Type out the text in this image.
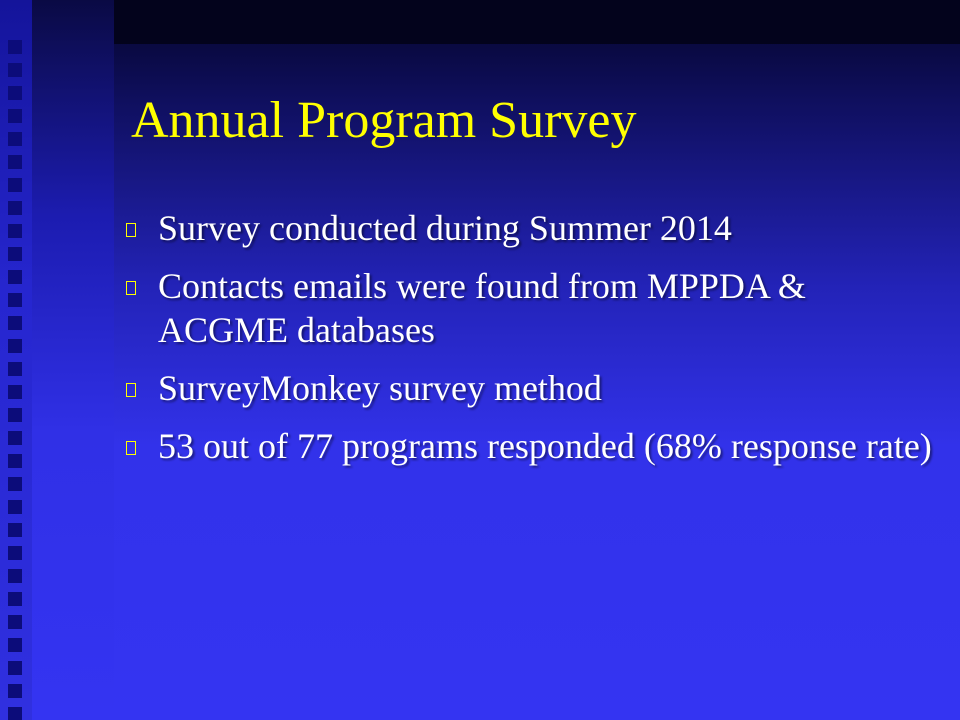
Annual Program Survey
Survey conducted during Summer 2014
Contacts emails were found from MPPDA & ACGME databases
SurveyMonkey survey method
53 out of 77 programs responded (68% response rate)
